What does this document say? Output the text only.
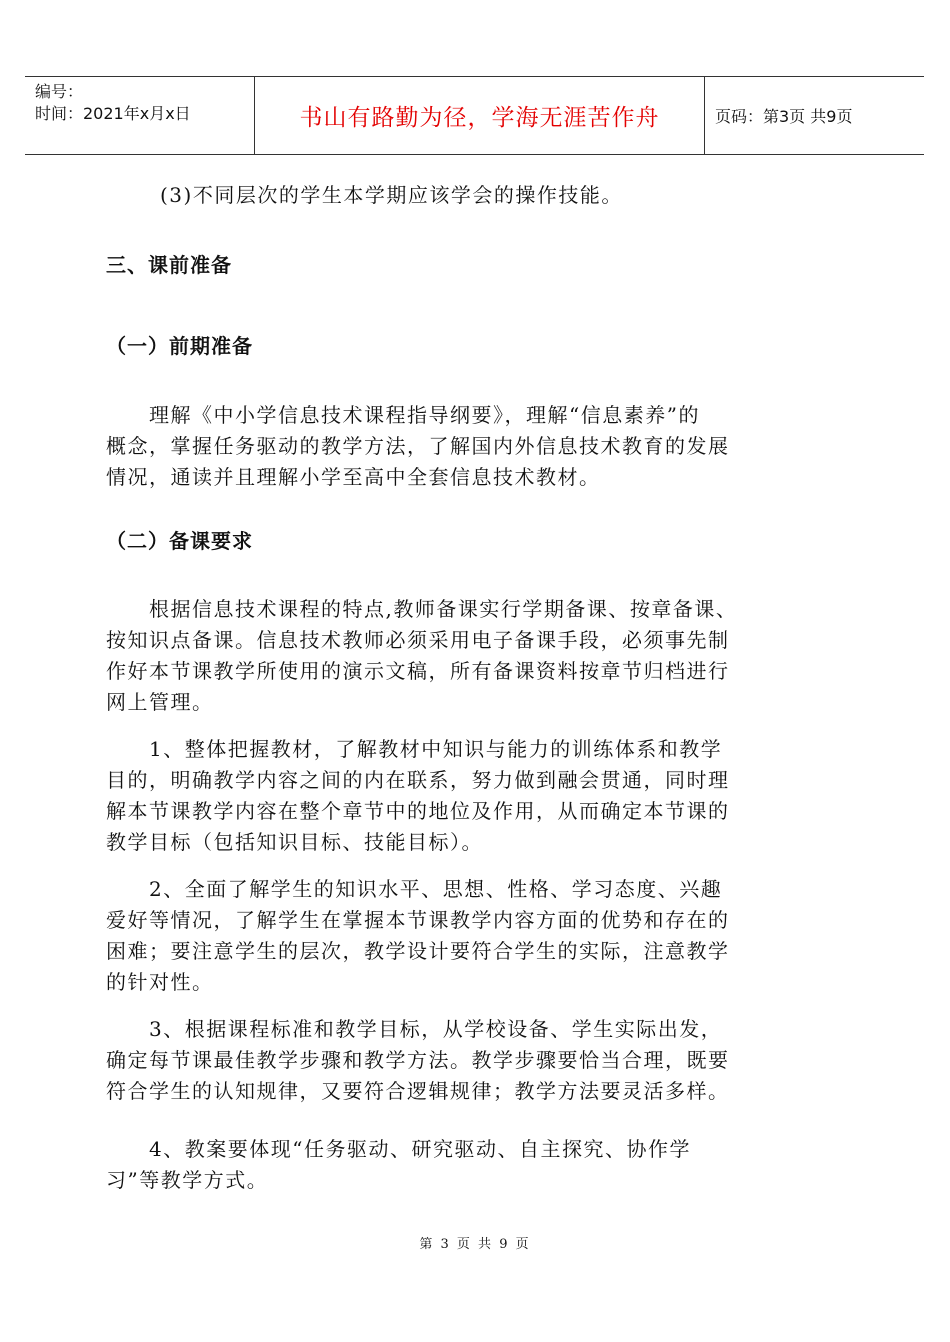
编号：
时间：2021年x月x日	书山有路勤为径，学海无涯苦作舟	页码：第3页 共9页
(3)不同层次的学生本学期应该学会的操作技能。
三、课前准备
（一）前期准备
　　理解《中小学信息技术课程指导纲要》，理解“信息素养”的
概念，掌握任务驱动的教学方法，了解国内外信息技术教育的发展
情况，通读并且理解小学至高中全套信息技术教材。
（二）备课要求
　　根据信息技术课程的特点,教师备课实行学期备课、按章备课、
按知识点备课。信息技术教师必须采用电子备课手段，必须事先制
作好本节课教学所使用的演示文稿，所有备课资料按章节归档进行
网上管理。
　　1、整体把握教材，了解教材中知识与能力的训练体系和教学
目的，明确教学内容之间的内在联系，努力做到融会贯通，同时理
解本节课教学内容在整个章节中的地位及作用，从而确定本节课的
教学目标（包括知识目标、技能目标）。
　　2、全面了解学生的知识水平、思想、性格、学习态度、兴趣
爱好等情况，了解学生在掌握本节课教学内容方面的优势和存在的
困难；要注意学生的层次，教学设计要符合学生的实际，注意教学
的针对性。
　　3、根据课程标准和教学目标，从学校设备、学生实际出发，
确定每节课最佳教学步骤和教学方法。教学步骤要恰当合理，既要
符合学生的认知规律，又要符合逻辑规律；教学方法要灵活多样。
　　4、教案要体现“任务驱动、研究驱动、自主探究、协作学
习”等教学方式。
第 3 页 共 9 页
